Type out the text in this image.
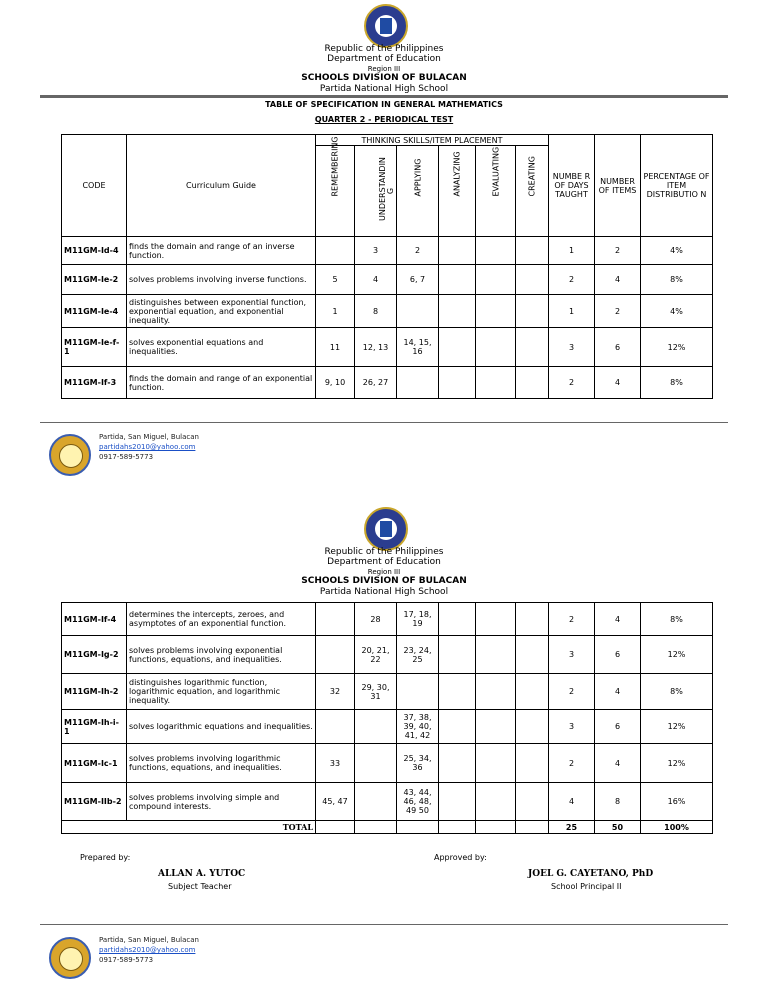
Republic of the Philippines
Department of Education
Region III
SCHOOLS DIVISION OF BULACAN
Partida National High School
TABLE OF SPECIFICATION IN GENERAL MATHEMATICS
QUARTER 2 - PERIODICAL TEST
CODE	Curriculum Guide	THINKING SKILLS/ITEM PLACEMENT						NUMBE R OF DAYS TAUGHT	NUMBER OF ITEMS	PERCENTAGE OF ITEM DISTRIBUTIO N
		REMEMBERING	UNDERSTANDIN G	APPLYING	ANALYZING	EVALUATING	CREATING			
M11GM-Id-4	finds the domain and range of an inverse function.		3	2				1	2	4%
M11GM-Ie-2	solves problems involving inverse functions.	5	4	6, 7				2	4	8%
M11GM-Ie-4	distinguishes between exponential function, exponential equation, and exponential inequality.	1	8					1	2	4%
M11GM-Ie-f-1	solves exponential equations and inequalities.	11	12, 13	14, 15, 16				3	6	12%
M11GM-If-3	finds the domain and range of an exponential function.	9, 10	26, 27					2	4	8%
Partida, San Miguel, Bulacan
partidahs2010@yahoo.com
0917-589-5773
Republic of the Philippines
Department of Education
Region III
SCHOOLS DIVISION OF BULACAN
Partida National High School
M11GM-If-4	determines the intercepts, zeroes, and asymptotes of an exponential function.		28	17, 18, 19				2	4	8%
M11GM-Ig-2	solves problems involving exponential functions, equations, and inequalities.		20, 21, 22	23, 24, 25				3	6	12%
M11GM-Ih-2	distinguishes logarithmic function, logarithmic equation, and logarithmic inequality.	32	29, 30, 31					2	4	8%
M11GM-Ih-i-1	solves logarithmic equations and inequalities.			37, 38, 39, 40, 41, 42				3	6	12%
M11GM-Ic-1	solves problems involving logarithmic functions, equations, and inequalities.	33		25, 34, 36				2	4	12%
M11GM-IIb-2	solves problems involving simple and compound interests.	45, 47		43, 44, 46, 48, 49 50				4	8	16%
TOTAL								25	50	100%
Prepared by:
ALLAN A. YUTOC
Subject Teacher
Approved by:
JOEL G. CAYETANO, PhD
School Principal II
Partida, San Miguel, Bulacan
partidahs2010@yahoo.com
0917-589-5773
